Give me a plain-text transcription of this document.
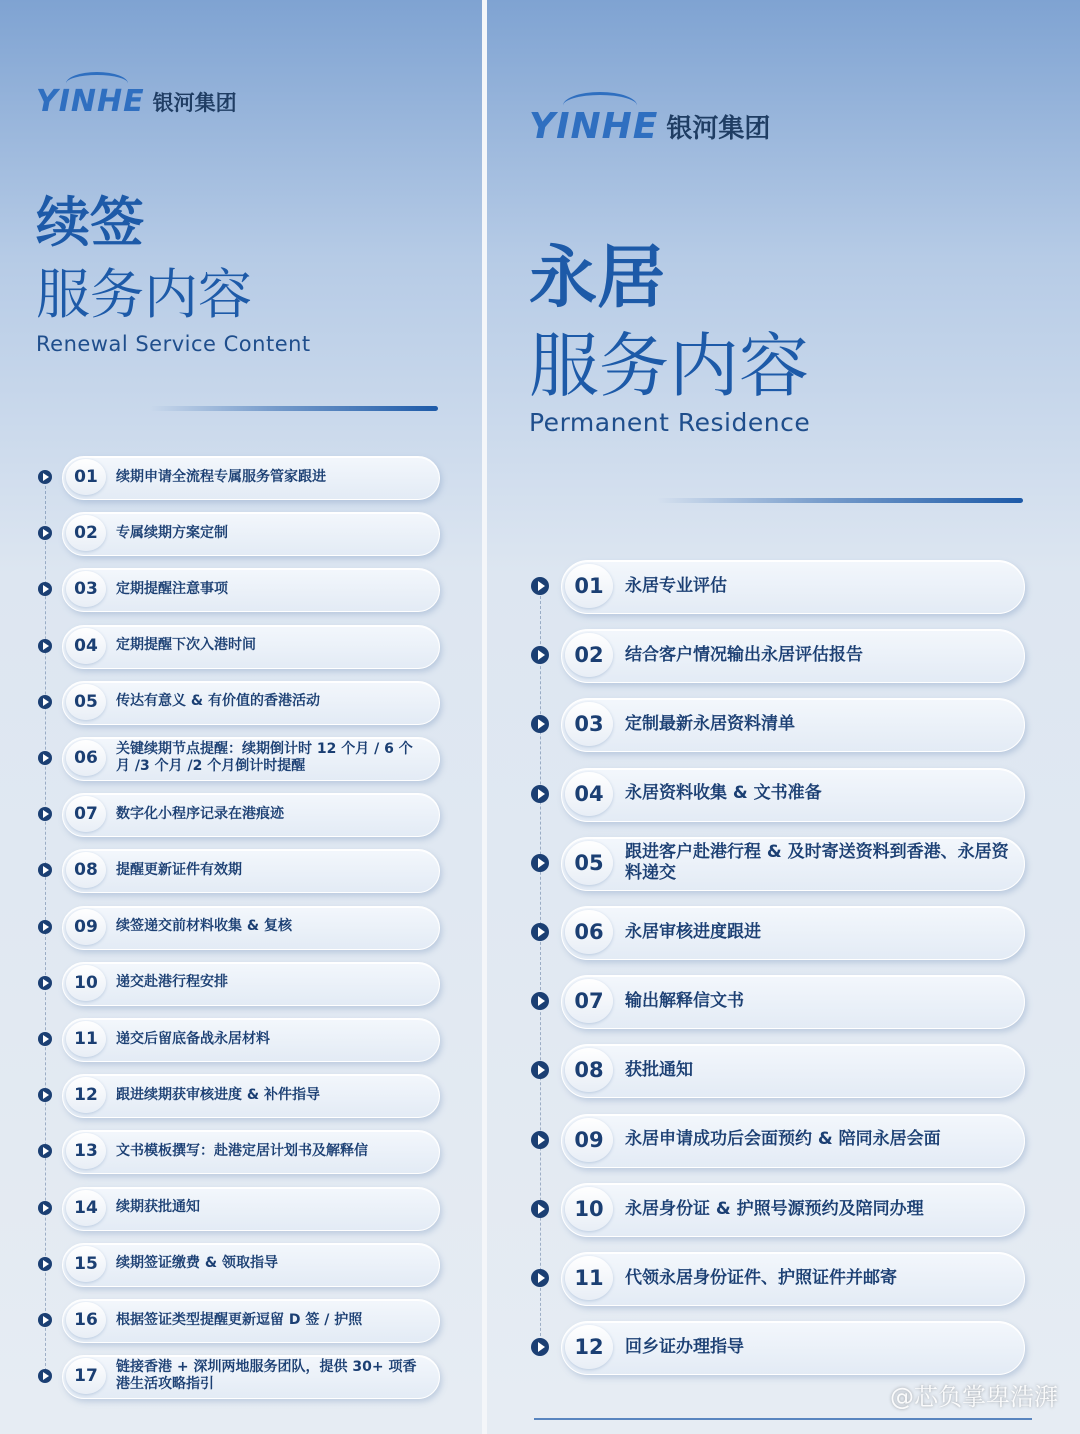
YINHE 银河集团
续签
服务内容
Renewal Service Content
01	续期申请全流程专属服务管家跟进
02	专属续期方案定制
03	定期提醒注意事项
04	定期提醒下次入港时间
05	传达有意义 & 有价值的香港活动
06	关键续期节点提醒：续期倒计时 12 个月 / 6 个月 /3 个月 /2 个月倒计时提醒
07	数字化小程序记录在港痕迹
08	提醒更新证件有效期
09	续签递交前材料收集 & 复核
10	递交赴港行程安排
11	递交后留底备战永居材料
12	跟进续期获审核进度 & 补件指导
13	文书模板撰写：赴港定居计划书及解释信
14	续期获批通知
15	续期签证缴费 & 领取指导
16	根据签证类型提醒更新逗留 D 签 / 护照
17	链接香港 + 深圳两地服务团队，提供 30+ 项香港生活攻略指引
YINHE 银河集团
永居
服务内容
Permanent Residence
01	永居专业评估
02	结合客户情况输出永居评估报告
03	定制最新永居资料清单
04	永居资料收集 & 文书准备
05	跟进客户赴港行程 & 及时寄送资料到香港、永居资料递交
06	永居审核进度跟进
07	输出解释信文书
08	获批通知
09	永居申请成功后会面预约 & 陪同永居会面
10	永居身份证 & 护照号源预约及陪同办理
11	代领永居身份证件、护照证件并邮寄
12	回乡证办理指导
@芯负掌卑浩湃
